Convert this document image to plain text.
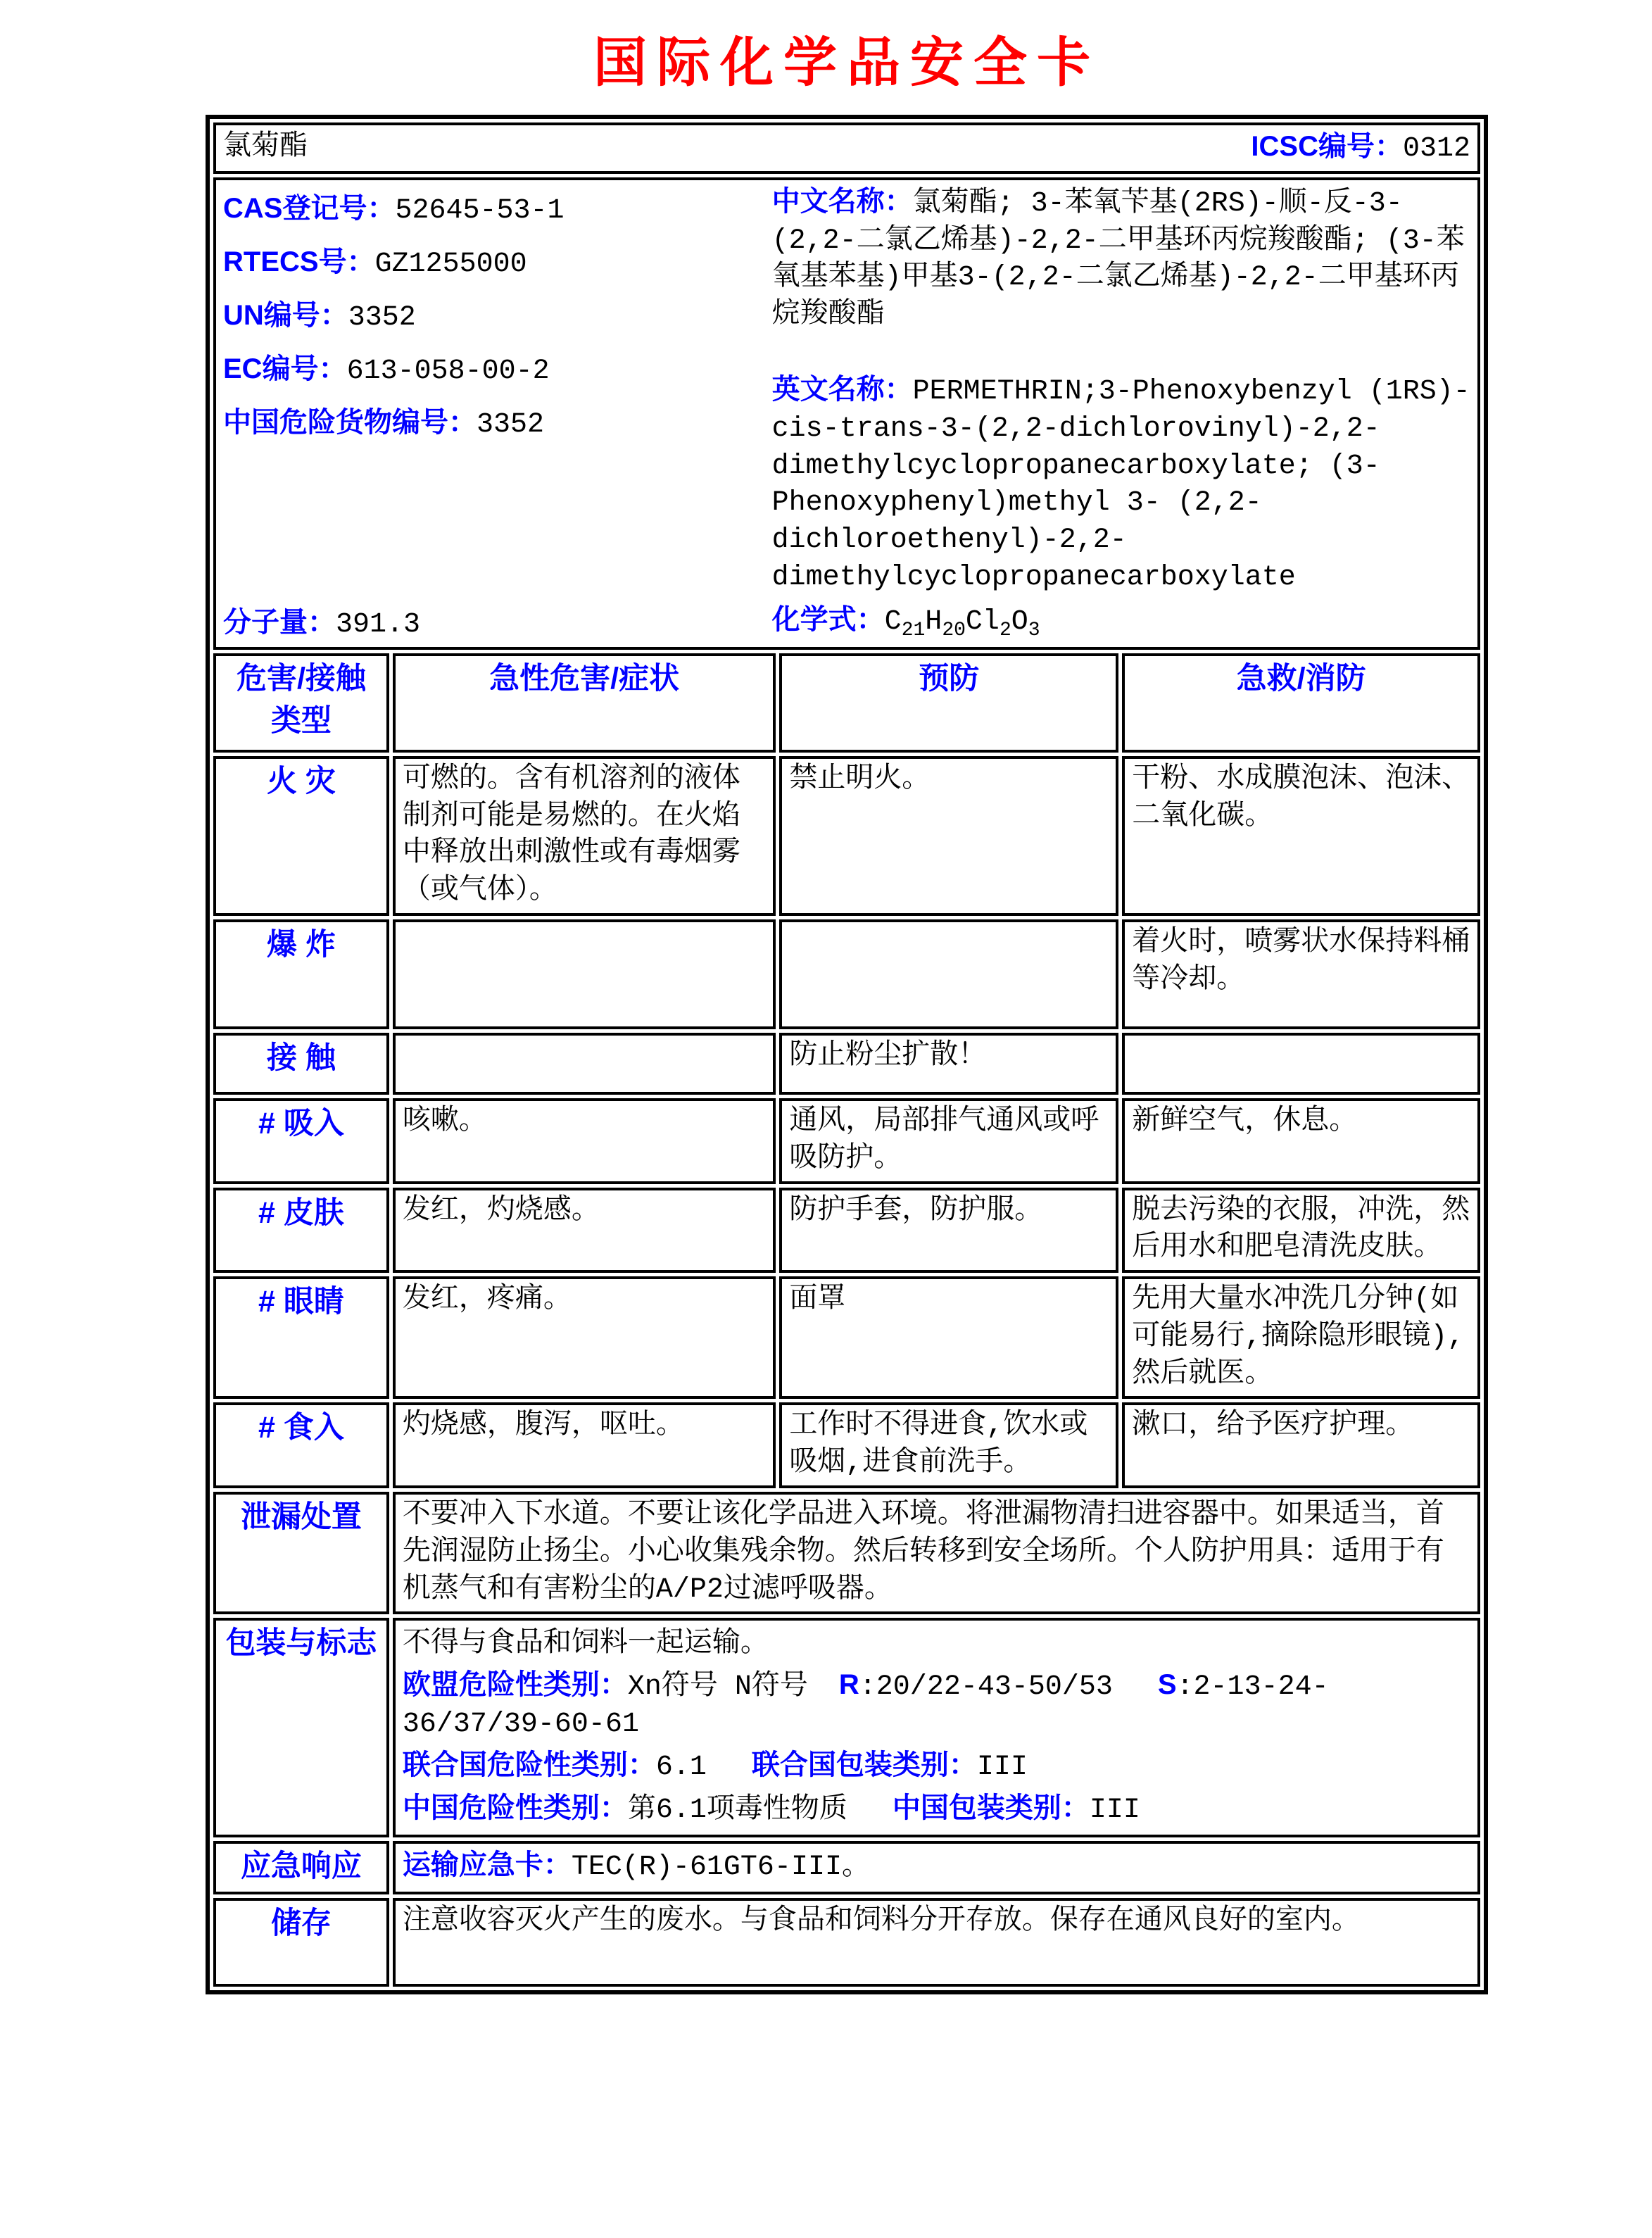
国际化学品安全卡
氯菊酯 ICSC编号：0312			

CAS登记号：52645-53-1
RTECS号：GZ1255000
UN编号：3352
EC编号：613-058-00-2
中国危险货物编号：3352
分子量：391.3
中文名称：氯菊酯; 3-苯氧苄基(2RS)-顺-反-3-(2,2-二氯乙烯基)-2,2-二甲基环丙烷羧酸酯; (3-苯氧基苯基)甲基3-(2,2-二氯乙烯基)-2,2-二甲基环丙烷羧酸酯
英文名称：PERMETHRIN;3-Phenoxybenzyl (1RS)-cis-trans-3-(2,2-dichlorovinyl)-2,2-dimethylcyclopropanecarboxylate; (3-Phenoxyphenyl)methyl 3- (2,2-dichloroethenyl)-2,2-dimethylcyclopropanecarboxylate
化学式：$C_{21}H_{20}Cl_2O_3$

危害/接触类型	急性危害/症状	预防	急救/消防
火 灾	可燃的。含有机溶剂的液体制剂可能是易燃的。在火焰中释放出刺激性或有毒烟雾（或气体）。	禁止明火。	干粉、水成膜泡沫、泡沫、二氧化碳。
爆 炸			着火时，喷雾状水保持料桶等冷却。
接 触		防止粉尘扩散！	
# 吸入	咳嗽。	通风，局部排气通风或呼吸防护。	新鲜空气，休息。
# 皮肤	发红，灼烧感。	防护手套，防护服。	脱去污染的衣服，冲洗，然后用水和肥皂清洗皮肤。
# 眼睛	发红，疼痛。	面罩	先用大量水冲洗几分钟(如可能易行,摘除隐形眼镜),然后就医。
# 食入	灼烧感，腹泻，呕吐。	工作时不得进食,饮水或吸烟,进食前洗手。	漱口，给予医疗护理。
泄漏处置	不要冲入下水道。不要让该化学品进入环境。将泄漏物清扫进容器中。如果适当，首先润湿防止扬尘。小心收集残余物。然后转移到安全场所。个人防护用具：适用于有机蒸气和有害粉尘的A/P2过滤呼吸器。		
包装与标志	不得与食品和饲料一起运输。
欧盟危险性类别：Xn符号 N符号 R:20/22-43-50/53 S:2-13-24-36/37/39-60-61
联合国危险性类别：6.1 联合国包装类别：III
中国危险性类别：第6.1项毒性物质 中国包装类别：III		

应急响应	运输应急卡：TEC(R)-61GT6-III。		
储存	注意收容灭火产生的废水。与食品和饲料分开存放。保存在通风良好的室内。		
